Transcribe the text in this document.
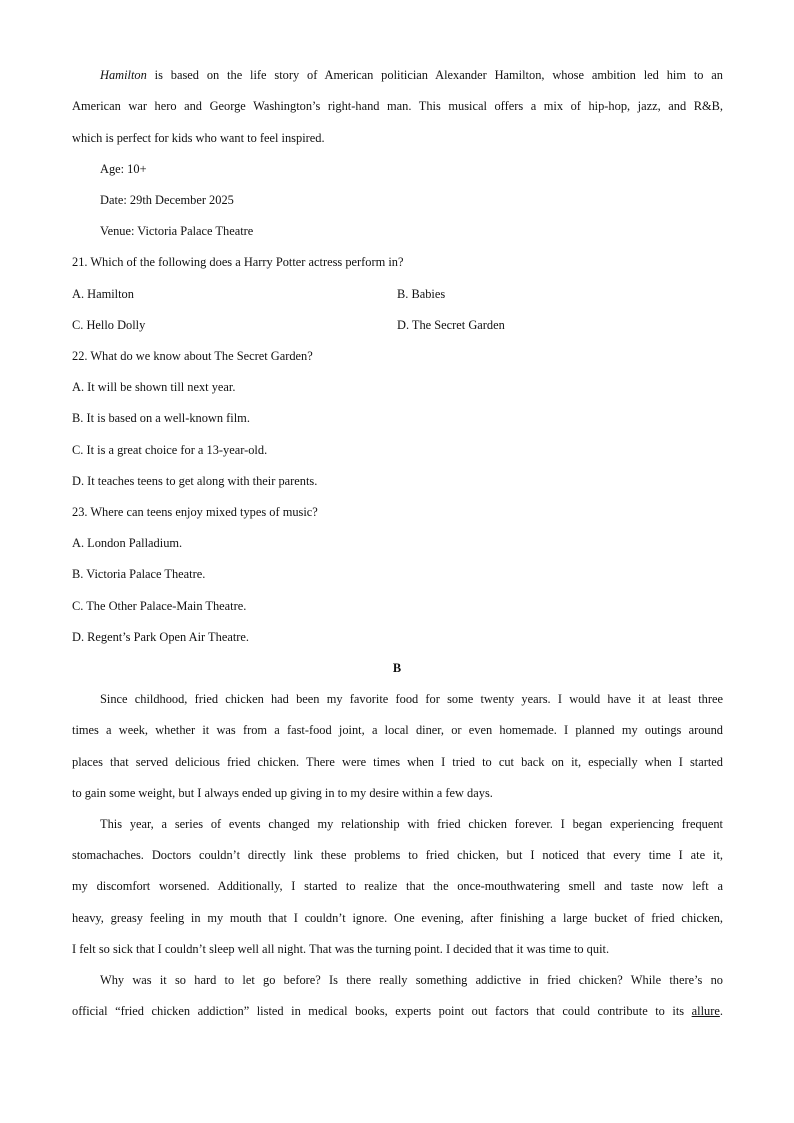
Hamilton is based on the life story of American politician Alexander Hamilton, whose ambition led him to an
American war hero and George Washington’s right-hand man. This musical offers a mix of hip-hop, jazz, and R&B,
which is perfect for kids who want to feel inspired.
Age: 10+
Date: 29th December 2025
Venue: Victoria Palace Theatre
21. Which of the following does a Harry Potter actress perform in?
A. Hamilton	B. Babies
C. Hello Dolly	D. The Secret Garden
22. What do we know about The Secret Garden?
A. It will be shown till next year.
B. It is based on a well-known film.
C. It is a great choice for a 13-year-old.
D. It teaches teens to get along with their parents.
23. Where can teens enjoy mixed types of music?
A. London Palladium.
B. Victoria Palace Theatre.
C. The Other Palace-Main Theatre.
D. Regent’s Park Open Air Theatre.
B
Since childhood, fried chicken had been my favorite food for some twenty years. I would have it at least three
times a week, whether it was from a fast-food joint, a local diner, or even homemade. I planned my outings around
places that served delicious fried chicken. There were times when I tried to cut back on it, especially when I started
to gain some weight, but I always ended up giving in to my desire within a few days.
This year, a series of events changed my relationship with fried chicken forever. I began experiencing frequent
stomachaches. Doctors couldn’t directly link these problems to fried chicken, but I noticed that every time I ate it,
my discomfort worsened. Additionally, I started to realize that the once-mouthwatering smell and taste now left a
heavy, greasy feeling in my mouth that I couldn’t ignore. One evening, after finishing a large bucket of fried chicken,
I felt so sick that I couldn’t sleep well all night. That was the turning point. I decided that it was time to quit.
Why was it so hard to let go before? Is there really something addictive in fried chicken? While there’s no
official “fried chicken addiction” listed in medical books, experts point out factors that could contribute to its allure.
